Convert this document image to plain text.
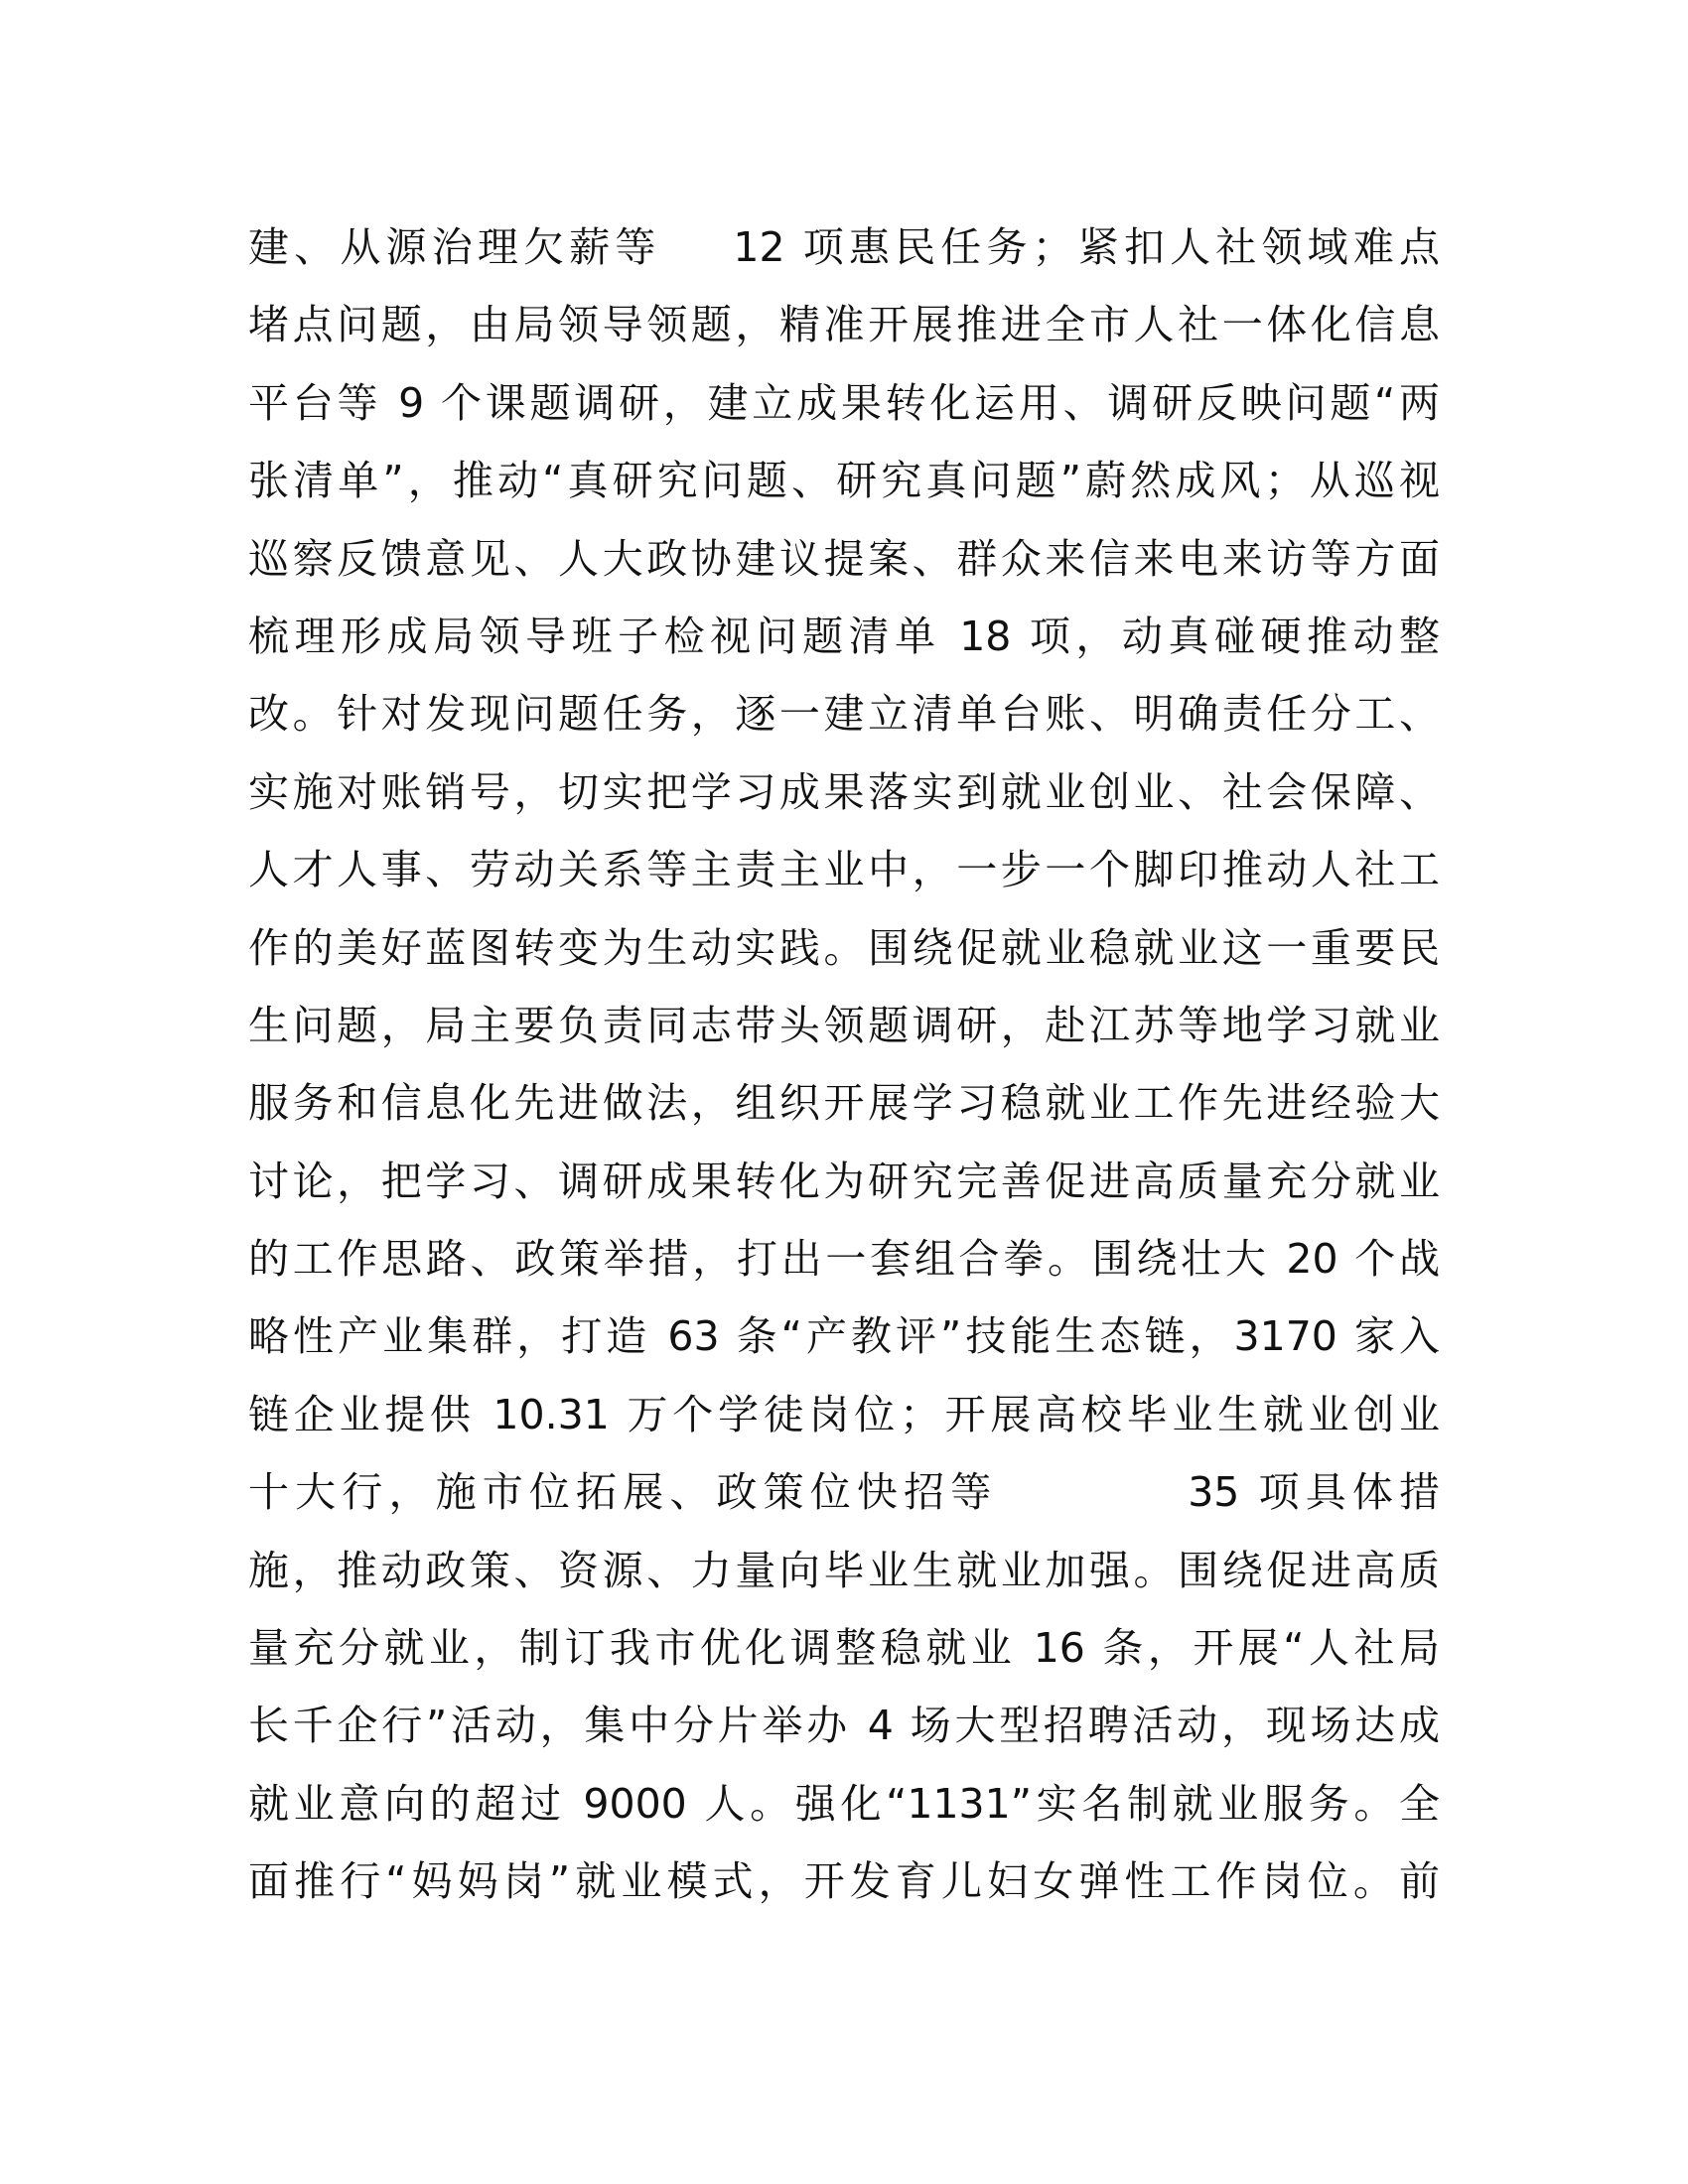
建、从源治理欠薪等    12 项惠民任务；紧扣人社领域难点
堵点问题，由局领导领题，精准开展推进全市人社一体化信息
平台等 9 个课题调研，建立成果转化运用、调研反映问题“两
张清单”，推动“真研究问题、研究真问题”蔚然成风；从巡视
巡察反馈意见、人大政协建议提案、群众来信来电来访等方面
梳理形成局领导班子检视问题清单 18 项，动真碰硬推动整
改。针对发现问题任务，逐一建立清单台账、明确责任分工、
实施对账销号，切实把学习成果落实到就业创业、社会保障、
人才人事、劳动关系等主责主业中，一步一个脚印推动人社工
作的美好蓝图转变为生动实践。围绕促就业稳就业这一重要民
生问题，局主要负责同志带头领题调研，赴江苏等地学习就业
服务和信息化先进做法，组织开展学习稳就业工作先进经验大
讨论，把学习、调研成果转化为研究完善促进高质量充分就业
的工作思路、政策举措，打出一套组合拳。围绕壮大 20 个战
略性产业集群，打造 63 条“产教评”技能生态链，3170 家入
链企业提供 10.31 万个学徒岗位；开展高校毕业生就业创业
十大行，施市位拓展、政策位快招等          35 项具体措
施，推动政策、资源、力量向毕业生就业加强。围绕促进高质
量充分就业，制订我市优化调整稳就业 16 条，开展“人社局
长千企行”活动，集中分片举办 4 场大型招聘活动，现场达成
就业意向的超过 9000 人。强化“1131”实名制就业服务。全
面推行“妈妈岗”就业模式，开发育儿妇女弹性工作岗位。前
